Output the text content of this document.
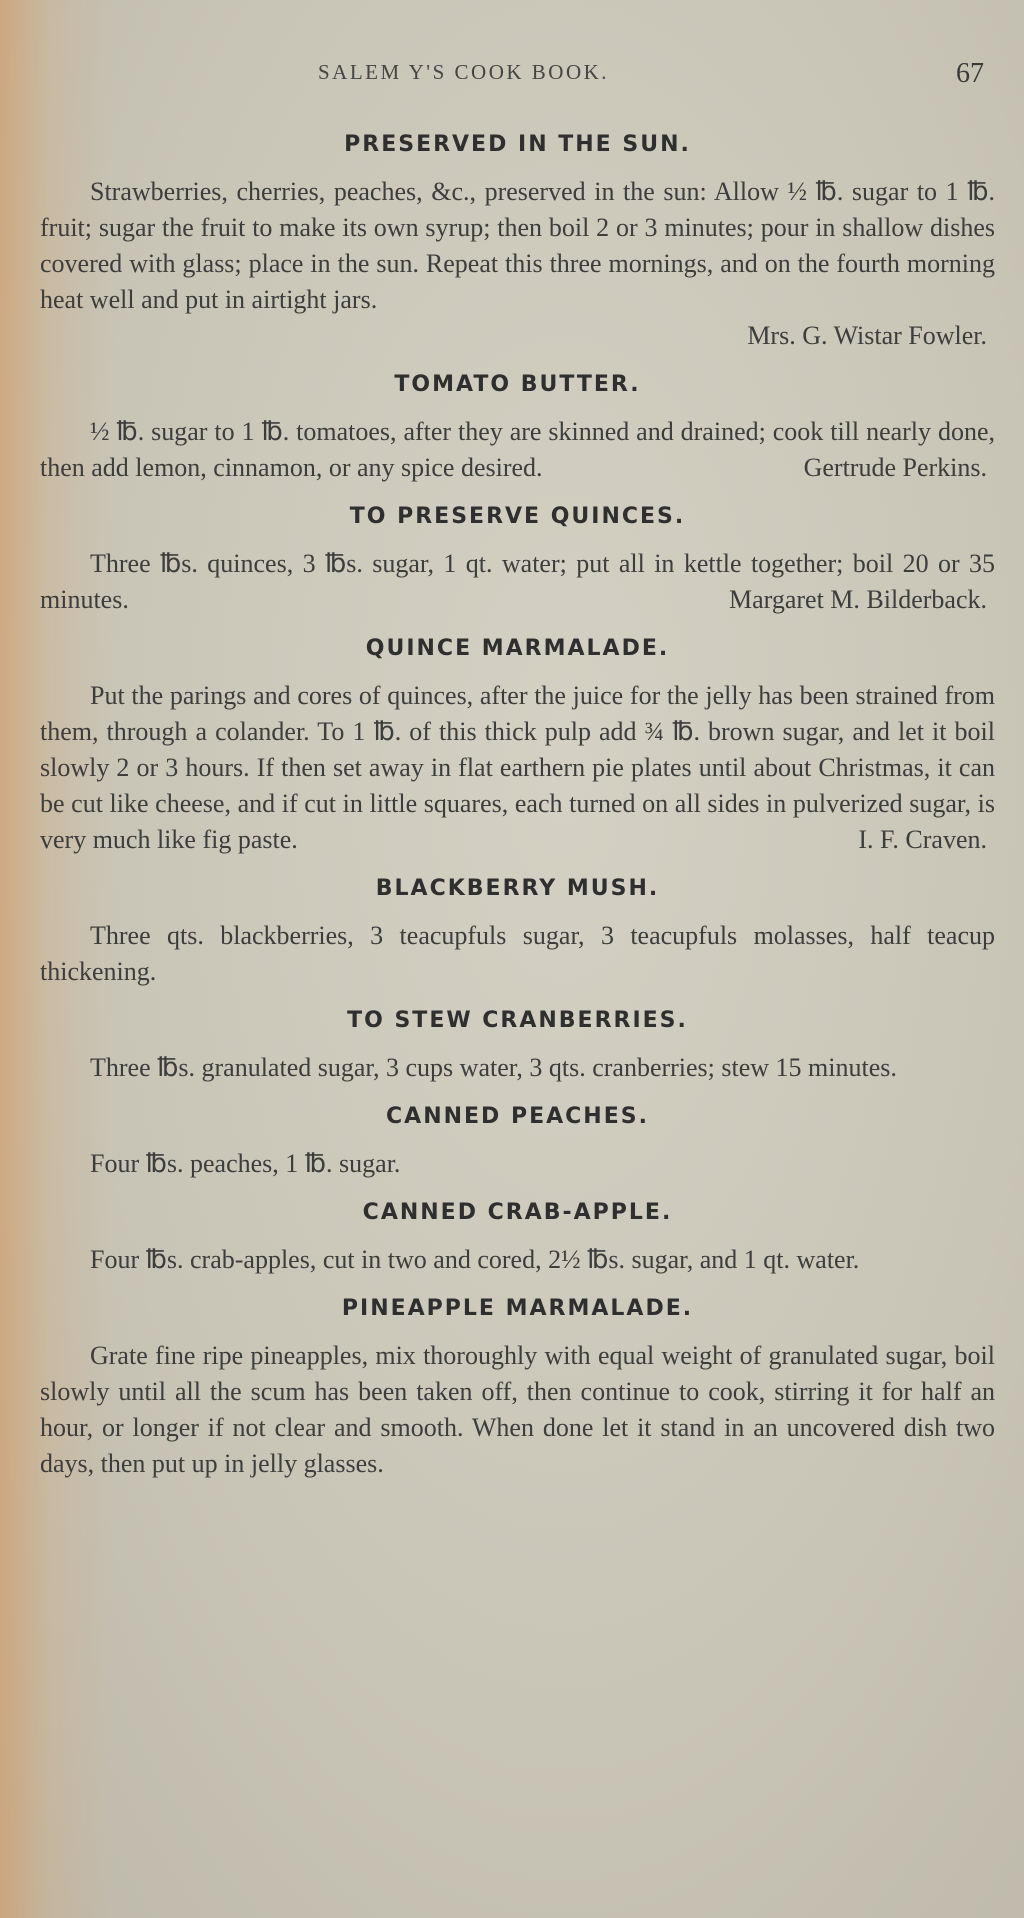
SALEM Y'S COOK BOOK.	67
PRESERVED IN THE SUN.

Strawberries, cherries, peaches, &c., preserved in the sun: Allow ½ ℔. sugar to 1 ℔. fruit; sugar the fruit to make its own syrup; then boil 2 or 3 minutes; pour in shallow dishes covered with glass; place in the sun. Repeat this three mornings, and on the fourth morning heat well and put in airtight jars.

Mrs. G. Wistar Fowler.

TOMATO BUTTER.

½ ℔. sugar to 1 ℔. tomatoes, after they are skinned and drained; cook till nearly done, then add lemon, cinnamon, or any spice desired.	Gertrude Perkins.

TO PRESERVE QUINCES.

Three ℔s. quinces, 3 ℔s. sugar, 1 qt. water; put all in kettle together; boil 20 or 35 minutes.	Margaret M. Bilderback.

QUINCE MARMALADE.

Put the parings and cores of quinces, after the juice for the jelly has been strained from them, through a colander. To 1 ℔. of this thick pulp add ¾ ℔. brown sugar, and let it boil slowly 2 or 3 hours. If then set away in flat earthern pie plates until about Christmas, it can be cut like cheese, and if cut in little squares, each turned on all sides in pulverized sugar, is very much like fig paste.	I. F. Craven.

BLACKBERRY MUSH.

Three qts. blackberries, 3 teacupfuls sugar, 3 teacupfuls molasses, half teacup thickening.

TO STEW CRANBERRIES.

Three ℔s. granulated sugar, 3 cups water, 3 qts. cranberries; stew 15 minutes.

CANNED PEACHES.

Four ℔s. peaches, 1 ℔. sugar.

CANNED CRAB-APPLE.

Four ℔s. crab-apples, cut in two and cored, 2½ ℔s. sugar, and 1 qt. water.

PINEAPPLE MARMALADE.

Grate fine ripe pineapples, mix thoroughly with equal weight of granulated sugar, boil slowly until all the scum has been taken off, then continue to cook, stirring it for half an hour, or longer if not clear and smooth. When done let it stand in an uncovered dish two days, then put up in jelly glasses.
